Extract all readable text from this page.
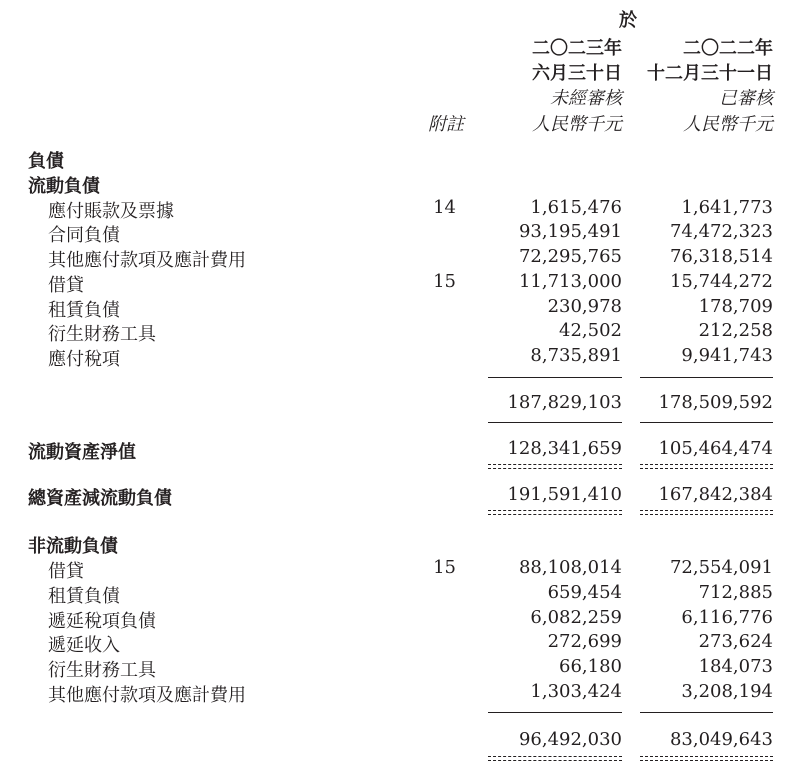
於
二〇二三年	二〇二二年
六月三十日	十二月三十一日
未經審核	已審核
附註	人民幣千元	人民幣千元
負債
流動負債
應付賬款及票據	14	1,615,476	1,641,773
合同負債	93,195,491	74,472,323
其他應付款項及應計費用	72,295,765	76,318,514
借貸	15	11,713,000	15,744,272
租賃負債	230,978	178,709
衍生財務工具	42,502	212,258
應付稅項	8,735,891	9,941,743
187,829,103	178,509,592
流動資產淨值	128,341,659	105,464,474
總資產減流動負債	191,591,410	167,842,384
非流動負債
借貸	15	88,108,014	72,554,091
租賃負債	659,454	712,885
遞延稅項負債	6,082,259	6,116,776
遞延收入	272,699	273,624
衍生財務工具	66,180	184,073
其他應付款項及應計費用	1,303,424	3,208,194
96,492,030	83,049,643
